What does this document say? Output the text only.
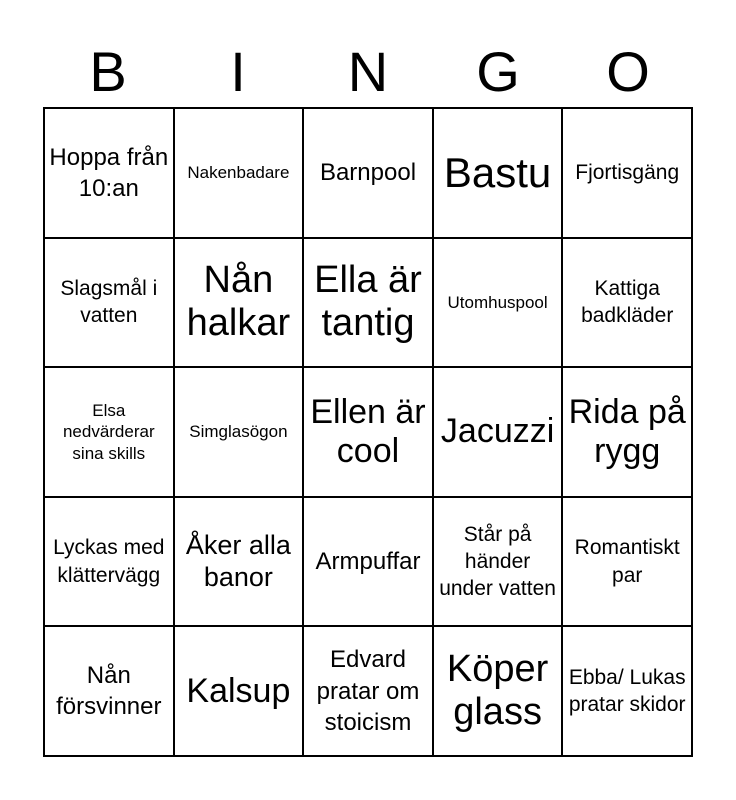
B	I	N	G	O
Hoppa från 10:an
Nakenbadare	Barnpool Bastu	Fjortisgäng
Slagsmål i vatten
Nån halkar
Ella är tantig
Utomhuspool
Kattiga badkläder
Elsa nedvärderar sina skills
Simglasögon
Ellen är cool
Jacuzzi
Rida på rygg
Lyckas med klättervägg
Åker alla banor
Armpuffar
Står på händer under vatten
Romantiskt par
Nån försvinner Kalsup
Edvard pratar om stoicism
Köper glass
Ebba/ Lukas pratar skidor
